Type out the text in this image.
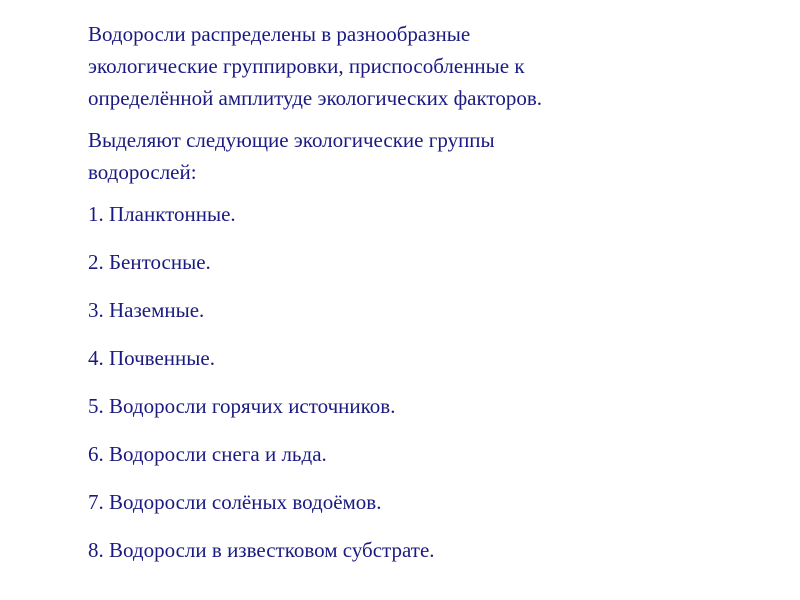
Водоросли распределены в разнообразные
экологические группировки, приспособленные к
определённой амплитуде экологических факторов.

Выделяют следующие экологические группы
водорослей:

1. Планктонные.
2. Бентосные.
3. Наземные.
4. Почвенные.
5. Водоросли горячих источников.
6. Водоросли снега и льда.
7. Водоросли солёных водоёмов.
8. Водоросли в известковом субстрате.
